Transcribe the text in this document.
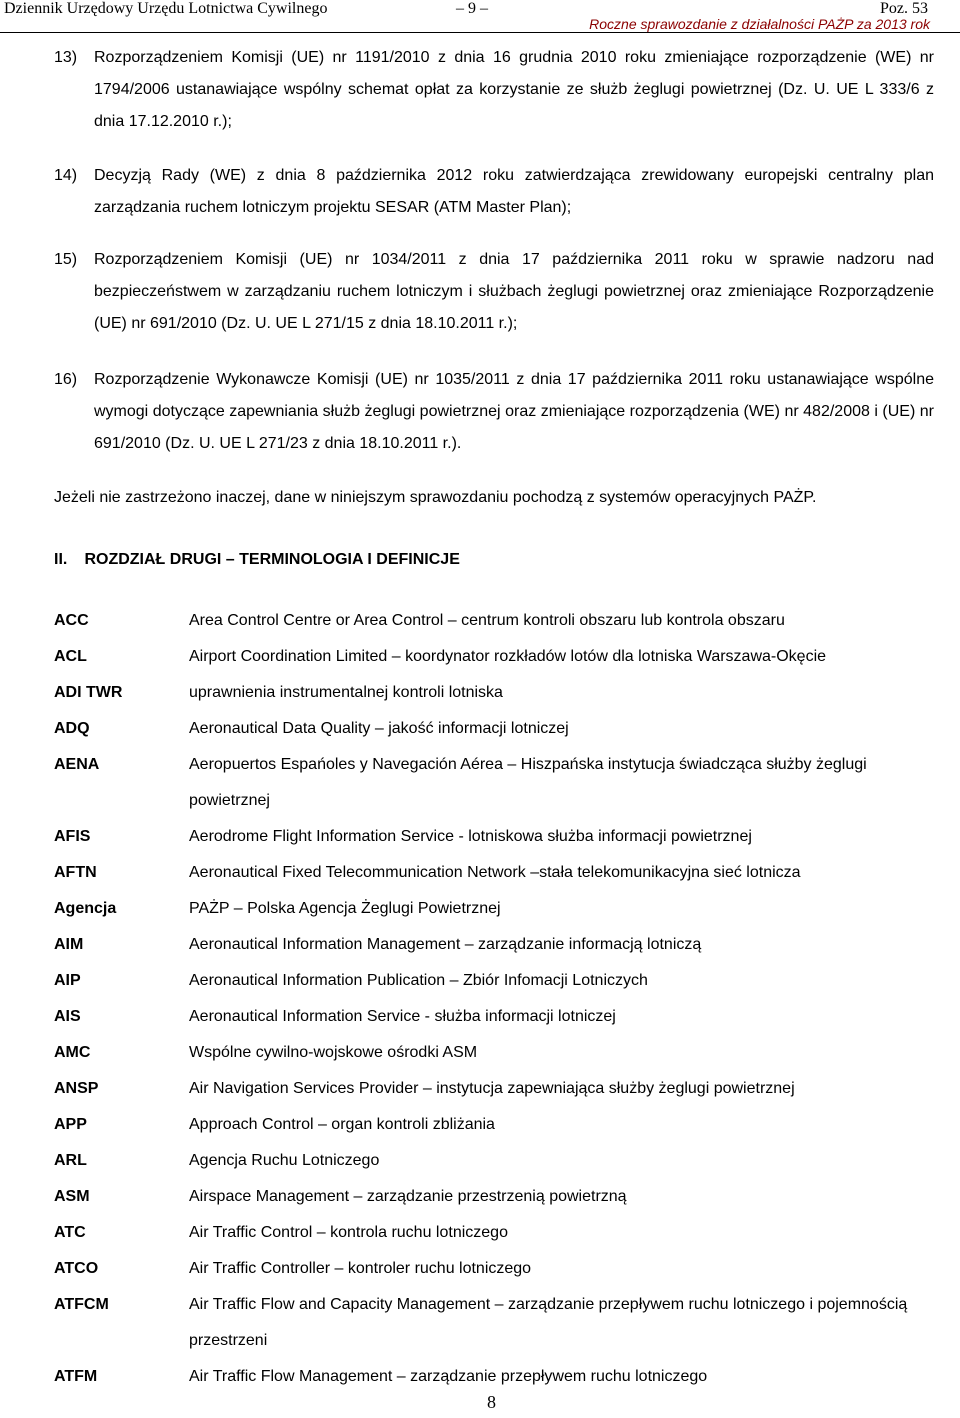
Dziennik Urzędowy Urzędu Lotnictwa Cywilnego	– 9 –	Poz. 53
Roczne sprawozdanie z działalności PAŻP za 2013 rok
13) Rozporządzeniem Komisji (UE) nr 1191/2010 z dnia 16 grudnia 2010 roku zmieniające rozporządzenie (WE) nr 1794/2006 ustanawiające wspólny schemat opłat za korzystanie ze służb żeglugi powietrznej (Dz. U. UE L 333/6 z dnia 17.12.2010 r.);
14) Decyzją Rady (WE) z dnia 8 października 2012 roku zatwierdzająca zrewidowany europejski centralny plan zarządzania ruchem lotniczym projektu SESAR (ATM Master Plan);
15) Rozporządzeniem Komisji (UE) nr 1034/2011 z dnia 17 października 2011 roku w sprawie nadzoru nad bezpieczeństwem w zarządzaniu ruchem lotniczym i służbach żeglugi powietrznej oraz zmieniające Rozporządzenie (UE) nr 691/2010 (Dz. U. UE L 271/15 z dnia 18.10.2011 r.);
16) Rozporządzenie Wykonawcze Komisji (UE) nr 1035/2011 z dnia 17 października 2011 roku ustanawiające wspólne wymogi dotyczące zapewniania służb żeglugi powietrznej oraz zmieniające rozporządzenia (WE) nr 482/2008 i (UE) nr 691/2010 (Dz. U. UE L 271/23 z dnia 18.10.2011 r.).
Jeżeli nie zastrzeżono inaczej, dane w niniejszym sprawozdaniu pochodzą z systemów operacyjnych PAŻP.
II. ROZDZIAŁ DRUGI – TERMINOLOGIA I DEFINICJE
ACC	Area Control Centre or Area Control – centrum kontroli obszaru lub kontrola obszaru
ACL	Airport Coordination Limited – koordynator rozkładów lotów dla lotniska Warszawa-Okęcie
ADI TWR	uprawnienia instrumentalnej kontroli lotniska
ADQ	Aeronautical Data Quality – jakość informacji lotniczej
AENA	Aeropuertos Espańoles y Navegación Aérea – Hiszpańska instytucja świadcząca służby żeglugi powietrznej
AFIS	Aerodrome Flight Information Service - lotniskowa służba informacji powietrznej
AFTN	Aeronautical Fixed Telecommunication Network –stała telekomunikacyjna sieć lotnicza
Agencja	PAŻP – Polska Agencja Żeglugi Powietrznej
AIM	Aeronautical Information Management – zarządzanie informacją lotniczą
AIP	Aeronautical Information Publication – Zbiór Infomacji Lotniczych
AIS	Aeronautical Information Service - służba informacji lotniczej
AMC	Wspólne cywilno-wojskowe ośrodki ASM
ANSP	Air Navigation Services Provider – instytucja zapewniająca służby żeglugi powietrznej
APP	Approach Control – organ kontroli zbliżania
ARL	Agencja Ruchu Lotniczego
ASM	Airspace Management – zarządzanie przestrzenią powietrzną
ATC	Air Traffic Control – kontrola ruchu lotniczego
ATCO	Air Traffic Controller – kontroler ruchu lotniczego
ATFCM	Air Traffic Flow and Capacity Management – zarządzanie przepływem ruchu lotniczego i pojemnością przestrzeni
ATFM	Air Traffic Flow Management – zarządzanie przepływem ruchu lotniczego
8
